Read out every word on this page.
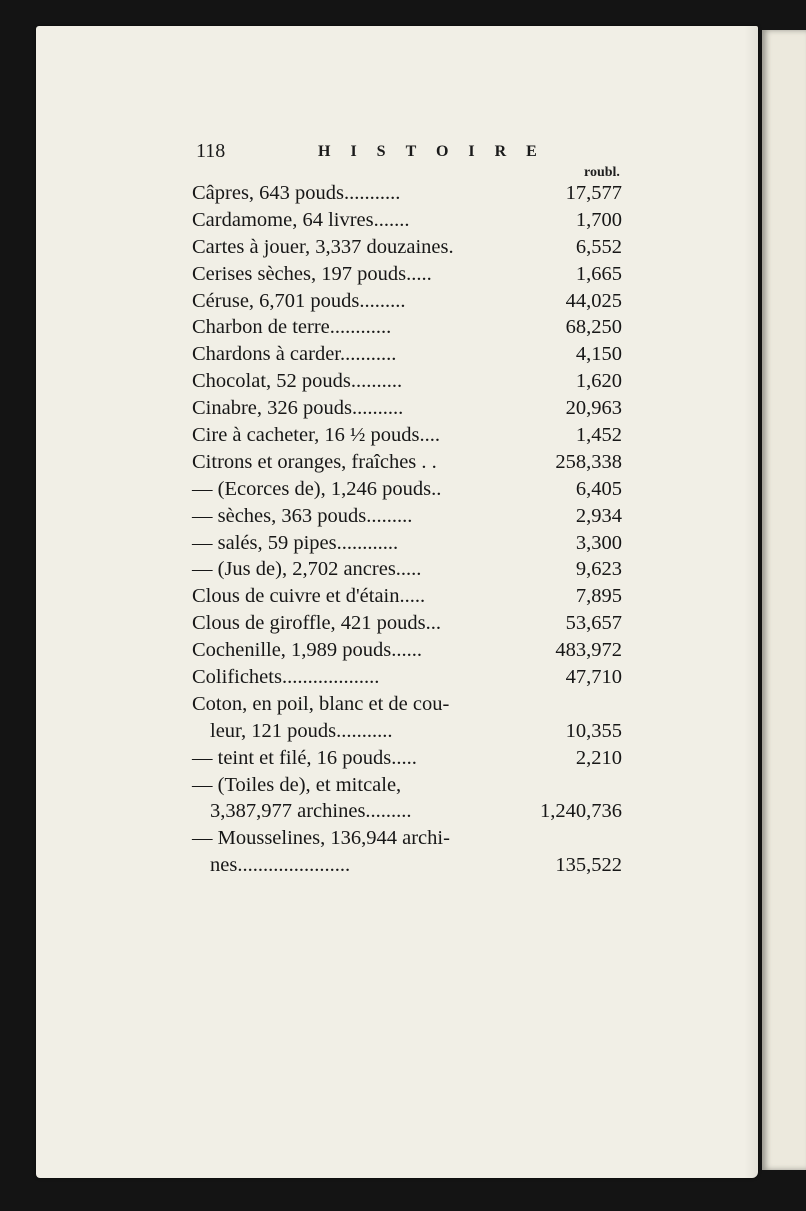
118	HISTOIRE
roubl.
Câpres, 643 pouds...........	17,577
Cardamome, 64 livres.......	1,700
Cartes à jouer, 3,337 douzaines.	6,552
Cerises sèches, 197 pouds.....	1,665
Céruse, 6,701 pouds.........	44,025
Charbon de terre............	68,250
Chardons à carder...........	4,150
Chocolat, 52 pouds..........	1,620
Cinabre, 326 pouds..........	20,963
Cire à cacheter, 16 ½ pouds....	1,452
Citrons et oranges, fraîches . .	258,338
— (Ecorces de), 1,246 pouds..	6,405
— sèches, 363 pouds.........	2,934
— salés, 59 pipes............	3,300
— (Jus de), 2,702 ancres.....	9,623
Clous de cuivre et d'étain.....	7,895
Clous de giroffle, 421 pouds...	53,657
Cochenille, 1,989 pouds......	483,972
Colifichets...................	47,710
Coton, en poil, blanc et de cou-
leur, 121 pouds...........	10,355
— teint et filé, 16 pouds.....	2,210
— (Toiles de), et mitcale,
3,387,977 archines.........	1,240,736
— Mousselines, 136,944 archi-
nes......................	135,522
